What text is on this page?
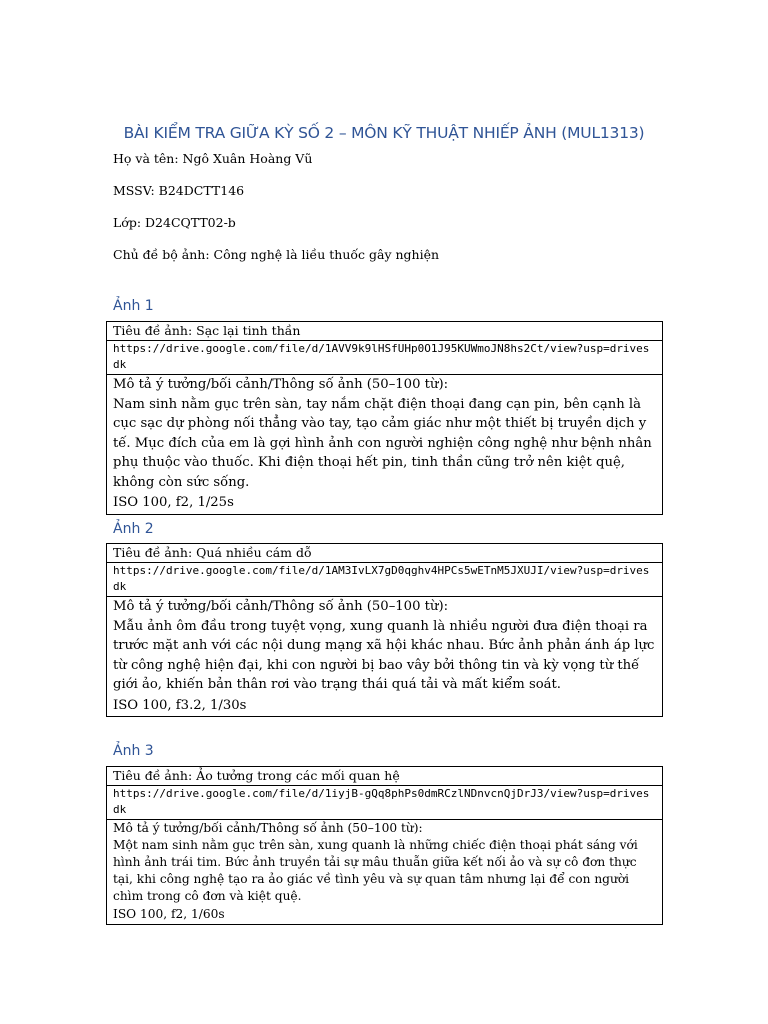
BÀI KIỂM TRA GIỮA KỲ SỐ 2 – MÔN KỸ THUẬT NHIẾP ẢNH (MUL1313)
Họ và tên: Ngô Xuân Hoàng Vũ
MSSV: B24DCTT146
Lớp: D24CQTT02-b
Chủ đề bộ ảnh: Công nghệ là liều thuốc gây nghiện
Ảnh 1
Tiêu đề ảnh: Sạc lại tinh thần
https://drive.google.com/file/d/1AVV9k9lHSfUHp0O1J95KUWmoJN8hs2Ct/view?usp=drivesdk
Mô tả ý tưởng/bối cảnh/Thông số ảnh (50–100 từ):
Nam sinh nằm gục trên sàn, tay nắm chặt điện thoại đang cạn pin, bên cạnh là cục sạc dự phòng nối thẳng vào tay, tạo cảm giác như một thiết bị truyền dịch y tế. Mục đích của em là gợi hình ảnh con người nghiện công nghệ như bệnh nhân phụ thuộc vào thuốc. Khi điện thoại hết pin, tinh thần cũng trở nên kiệt quệ, không còn sức sống.
ISO 100, f2, 1/25s
Ảnh 2
Tiêu đề ảnh: Quá nhiều cám dỗ
https://drive.google.com/file/d/1AM3IvLX7gD0qghv4HPCs5wETnM5JXUJI/view?usp=drivesdk
Mô tả ý tưởng/bối cảnh/Thông số ảnh (50–100 từ):
Mẫu ảnh ôm đầu trong tuyệt vọng, xung quanh là nhiều người đưa điện thoại ra trước mặt anh với các nội dung mạng xã hội khác nhau. Bức ảnh phản ánh áp lực từ công nghệ hiện đại, khi con người bị bao vây bởi thông tin và kỳ vọng từ thế giới ảo, khiến bản thân rơi vào trạng thái quá tải và mất kiểm soát.
ISO 100, f3.2, 1/30s
Ảnh 3
Tiêu đề ảnh: Ảo tưởng trong các mối quan hệ
https://drive.google.com/file/d/1iyjB-gQq8phPs0dmRCzlNDnvcnQjDrJ3/view?usp=drivesdk
Mô tả ý tưởng/bối cảnh/Thông số ảnh (50–100 từ):
Một nam sinh nằm gục trên sàn, xung quanh là những chiếc điện thoại phát sáng với hình ảnh trái tim. Bức ảnh truyền tải sự mâu thuẫn giữa kết nối ảo và sự cô đơn thực tại, khi công nghệ tạo ra ảo giác về tình yêu và sự quan tâm nhưng lại để con người chìm trong cô đơn và kiệt quệ.
ISO 100, f2, 1/60s
